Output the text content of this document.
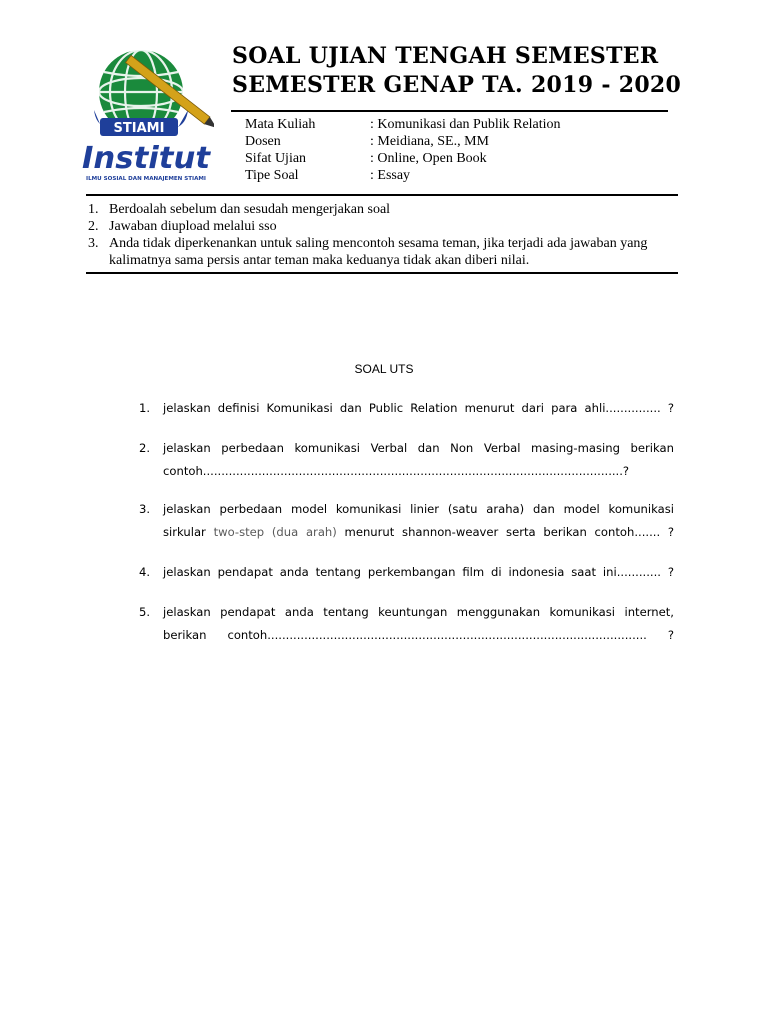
STIAMI
Institut
ILMU SOSIAL DAN MANAJEMEN STIAMI
SOAL UJIAN TENGAH SEMESTER
SEMESTER GENAP TA. 2019 - 2020
Mata Kuliah	: Komunikasi dan Publik Relation
Dosen	: Meidiana, SE., MM
Sifat Ujian	: Online, Open Book
Tipe Soal	: Essay
1. Berdoalah sebelum dan sesudah mengerjakan soal
2. Jawaban diupload melalui sso
3. Anda tidak diperkenankan untuk saling mencontoh sesama teman, jika terjadi ada jawaban yang kalimatnya sama persis antar teman maka keduanya tidak akan diberi nilai.
SOAL UTS
1. jelaskan definisi Komunikasi dan Public Relation menurut dari para ahli............... ?
2. jelaskan perbedaan komunikasi Verbal dan Non Verbal masing-masing berikan contoh..................................................................................................................?
3. jelaskan perbedaan model komunikasi linier (satu araha) dan model komunikasi sirkular two-step (dua arah) menurut shannon-weaver serta berikan contoh....... ?
4. jelaskan pendapat anda tentang perkembangan film di indonesia saat ini............ ?
5. jelaskan pendapat anda tentang keuntungan menggunakan komunikasi internet, berikan contoh....................................................................................................... ?
